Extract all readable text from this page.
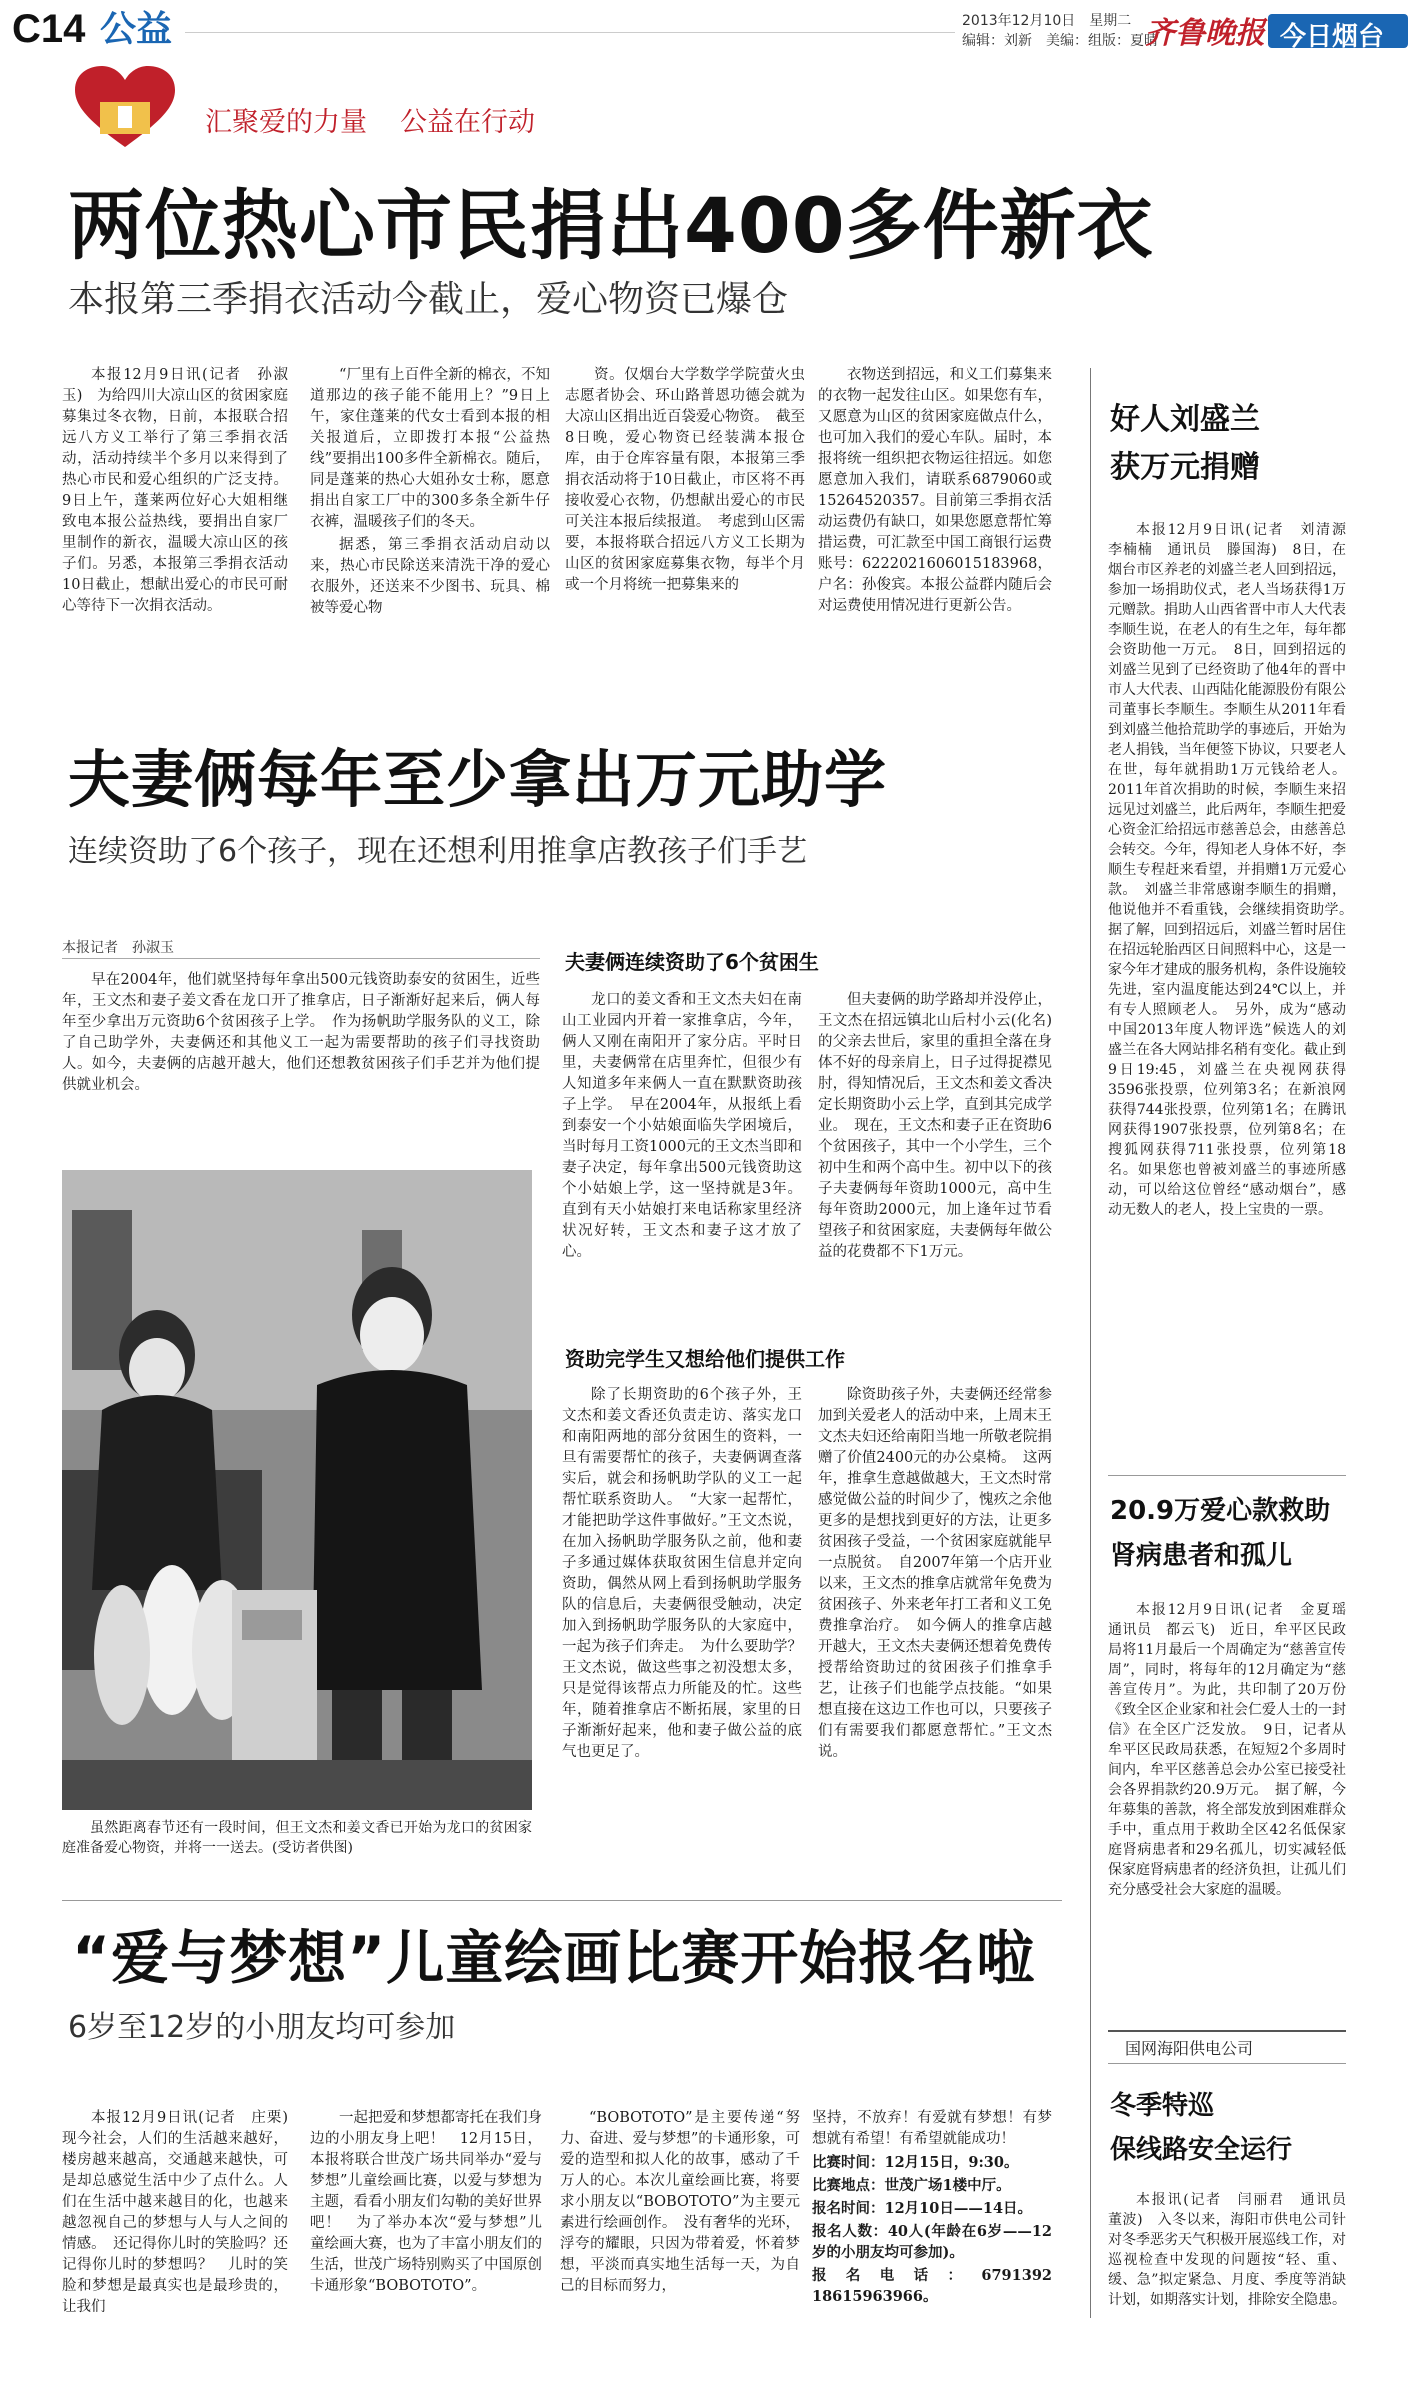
C14 公益	2013年12月10日　星期二
编辑：刘新　美编：组版：夏晴
齐鲁晚报 今日烟台
汇聚爱的力量 公益在行动
两位热心市民捐出400多件新衣
本报第三季捐衣活动今截止，爱心物资已爆仓

本报12月9日讯(记者　孙淑玉)　为给四川大凉山区的贫困家庭募集过冬衣物，日前，本报联合招远八方义工举行了第三季捐衣活动，活动持续半个多月以来得到了热心市民和爱心组织的广泛支持。9日上午，蓬莱两位好心大姐相继致电本报公益热线，要捐出自家厂里制作的新衣，温暖大凉山区的孩子们。另悉，本报第三季捐衣活动10日截止，想献出爱心的市民可耐心等待下一次捐衣活动。

“厂里有上百件全新的棉衣，不知道那边的孩子能不能用上？”9日上午，家住蓬莱的代女士看到本报的相关报道后，立即拨打本报“公益热线”要捐出100多件全新棉衣。随后，同是蓬莱的热心大姐孙女士称，愿意捐出自家工厂中的300多条全新牛仔衣裤，温暖孩子们的冬天。

据悉，第三季捐衣活动启动以来，热心市民除送来清洗干净的爱心衣服外，还送来不少图书、玩具、棉被等爱心物

资。仅烟台大学数学学院萤火虫志愿者协会、环山路普恩功德会就为大凉山区捐出近百袋爱心物资。　截至8日晚，爱心物资已经装满本报仓库，由于仓库容量有限，本报第三季捐衣活动将于10日截止，市区将不再接收爱心衣物，仍想献出爱心的市民可关注本报后续报道。　考虑到山区需要，本报将联合招远八方义工长期为山区的贫困家庭募集衣物，每半个月或一个月将统一把募集来的

衣物送到招远，和义工们募集来的衣物一起发往山区。如果您有车，又愿意为山区的贫困家庭做点什么，也可加入我们的爱心车队。届时，本报将统一组织把衣物运往招远。如您愿意加入我们，请联系6879060或15264520357。目前第三季捐衣活动运费仍有缺口，如果您愿意帮忙筹措运费，可汇款至中国工商银行运费账号：6222021606015183968，户名：孙俊宾。本报公益群内随后会对运费使用情况进行更新公告。

好人刘盛兰
获万元捐赠

本报12月9日讯(记者　刘清源　李楠楠　通讯员　滕国海)　8日，在烟台市区养老的刘盛兰老人回到招远，参加一场捐助仪式，老人当场获得1万元赠款。捐助人山西省晋中市人大代表李顺生说，在老人的有生之年，每年都会资助他一万元。　8日，回到招远的刘盛兰见到了已经资助了他4年的晋中市人大代表、山西陆化能源股份有限公司董事长李顺生。李顺生从2011年看到刘盛兰他拾荒助学的事迹后，开始为老人捐钱，当年便签下协议，只要老人在世，每年就捐助1万元钱给老人。2011年首次捐助的时候，李顺生来招远见过刘盛兰，此后两年，李顺生把爱心资金汇给招远市慈善总会，由慈善总会转交。今年，得知老人身体不好，李顺生专程赶来看望，并捐赠1万元爱心款。　刘盛兰非常感谢李顺生的捐赠，他说他并不看重钱，会继续捐资助学。　据了解，回到招远后，刘盛兰暂时居住在招远轮胎西区日间照料中心，这是一家今年才建成的服务机构，条件设施较先进，室内温度能达到24℃以上，并有专人照顾老人。　另外，成为“感动中国2013年度人物评选”候选人的刘盛兰在各大网站排名稍有变化。截止到9日19:45，刘盛兰在央视网获得3596张投票，位列第3名；在新浪网获得744张投票，位列第1名；在腾讯网获得1907张投票，位列第8名；在搜狐网获得711张投票，位列第18名。如果您也曾被刘盛兰的事迹所感动，可以给这位曾经“感动烟台”，感动无数人的老人，投上宝贵的一票。

20.9万爱心款救助
肾病患者和孤儿

本报12月9日讯(记者　金夏瑶　通讯员　都云飞)　近日，牟平区民政局将11月最后一个周确定为“慈善宣传周”，同时，将每年的12月确定为“慈善宣传月”。为此，共印制了20万份《致全区企业家和社会仁爱人士的一封信》在全区广泛发放。　9日，记者从牟平区民政局获悉，在短短2个多周时间内，牟平区慈善总会办公室已接受社会各界捐款约20.9万元。　据了解，今年募集的善款，将全部发放到困难群众手中，重点用于救助全区42名低保家庭肾病患者和29名孤儿，切实减轻低保家庭肾病患者的经济负担，让孤儿们充分感受社会大家庭的温暖。

夫妻俩每年至少拿出万元助学
连续资助了6个孩子，现在还想利用推拿店教孩子们手艺
本报记者　孙淑玉

早在2004年，他们就坚持每年拿出500元钱资助泰安的贫困生，近些年，王文杰和妻子姜文香在龙口开了推拿店，日子渐渐好起来后，俩人每年至少拿出万元资助6个贫困孩子上学。　作为扬帆助学服务队的义工，除了自己助学外，夫妻俩还和其他义工一起为需要帮助的孩子们寻找资助人。如今，夫妻俩的店越开越大，他们还想教贫困孩子们手艺并为他们提供就业机会。

虽然距离春节还有一段时间，但王文杰和姜文香已开始为龙口的贫困家庭准备爱心物资，并将一一送去。(受访者供图)

夫妻俩连续资助了6个贫困生

龙口的姜文香和王文杰夫妇在南山工业园内开着一家推拿店，今年，俩人又刚在南阳开了家分店。平时日里，夫妻俩常在店里奔忙，但很少有人知道多年来俩人一直在默默资助孩子上学。　早在2004年，从报纸上看到泰安一个小姑娘面临失学困境后，当时每月工资1000元的王文杰当即和妻子决定，每年拿出500元钱资助这个小姑娘上学，这一坚持就是3年。直到有天小姑娘打来电话称家里经济状况好转，王文杰和妻子这才放了心。

但夫妻俩的助学路却并没停止，王文杰在招远镇北山后村小云(化名)的父亲去世后，家里的重担全落在身体不好的母亲肩上，日子过得捉襟见肘，得知情况后，王文杰和姜文香决定长期资助小云上学，直到其完成学业。　现在，王文杰和妻子正在资助6个贫困孩子，其中一个小学生，三个初中生和两个高中生。初中以下的孩子夫妻俩每年资助1000元，高中生每年资助2000元，加上逢年过节看望孩子和贫困家庭，夫妻俩每年做公益的花费都不下1万元。

资助完学生又想给他们提供工作

除了长期资助的6个孩子外，王文杰和姜文香还负责走访、落实龙口和南阳两地的部分贫困生的资料，一旦有需要帮忙的孩子，夫妻俩调查落实后，就会和扬帆助学队的义工一起帮忙联系资助人。　“大家一起帮忙，才能把助学这件事做好。”王文杰说，在加入扬帆助学服务队之前，他和妻子多通过媒体获取贫困生信息并定向资助，偶然从网上看到扬帆助学服务队的信息后，夫妻俩很受触动，决定加入到扬帆助学服务队的大家庭中，一起为孩子们奔走。　为什么要助学？王文杰说，做这些事之初没想太多，只是觉得该帮点力所能及的忙。这些年，随着推拿店不断拓展，家里的日子渐渐好起来，他和妻子做公益的底气也更足了。

除资助孩子外，夫妻俩还经常参加到关爱老人的活动中来，上周末王文杰夫妇还给南阳当地一所敬老院捐赠了价值2400元的办公桌椅。　这两年，推拿生意越做越大，王文杰时常感觉做公益的时间少了，愧疚之余他更多的是想找到更好的方法，让更多贫困孩子受益，一个贫困家庭就能早一点脱贫。　自2007年第一个店开业以来，王文杰的推拿店就常年免费为贫困孩子、外来老年打工者和义工免费推拿治疗。　如今俩人的推拿店越开越大，王文杰夫妻俩还想着免费传授帮给资助过的贫困孩子们推拿手艺，让孩子们也能学点技能。“如果想直接在这边工作也可以，只要孩子们有需要我们都愿意帮忙。”王文杰说。

“爱与梦想”儿童绘画比赛开始报名啦
6岁至12岁的小朋友均可参加

本报12月9日讯(记者　庄栗)　现今社会，人们的生活越来越好，楼房越来越高，交通越来越快，可是却总感觉生活中少了点什么。人们在生活中越来越目的化，也越来越忽视自己的梦想与人与人之间的情感。　还记得你儿时的笑脸吗？还记得你儿时的梦想吗？　儿时的笑脸和梦想是最真实也是最珍贵的，让我们

一起把爱和梦想都寄托在我们身边的小朋友身上吧！　12月15日，本报将联合世茂广场共同举办“爱与梦想”儿童绘画比赛，以爱与梦想为主题，看看小朋友们勾勒的美好世界吧！　为了举办本次“爱与梦想”儿童绘画大赛，也为了丰富小朋友们的生活，世茂广场特别购买了中国原创卡通形象“BOBOTOTO”。

“BOBOTOTO”是主要传递“努力、奋进、爱与梦想”的卡通形象，可爱的造型和拟人化的故事，感动了千万人的心。本次儿童绘画比赛，将要求小朋友以“BOBOTOTO”为主要元素进行绘画创作。　没有奢华的光环，浮夸的耀眼，只因为带着爱，怀着梦想，平淡而真实地生活每一天，为自己的目标而努力，

坚持，不放弃！有爱就有梦想！有梦想就有希望！有希望就能成功！

比赛时间：12月15日，9:30。

比赛地点：世茂广场1楼中厅。

报名时间：12月10日——14日。

报名人数：40人(年龄在6岁——12岁的小朋友均可参加)。

报名电话：6791392　18615963966。

国网海阳供电公司
冬季特巡
保线路安全运行

本报讯(记者　闫丽君　通讯员　董波)　入冬以来，海阳市供电公司针对冬季恶劣天气积极开展巡线工作，对巡视检查中发现的问题按“轻、重、缓、急”拟定紧急、月度、季度等消缺计划，如期落实计划，排除安全隐患。
